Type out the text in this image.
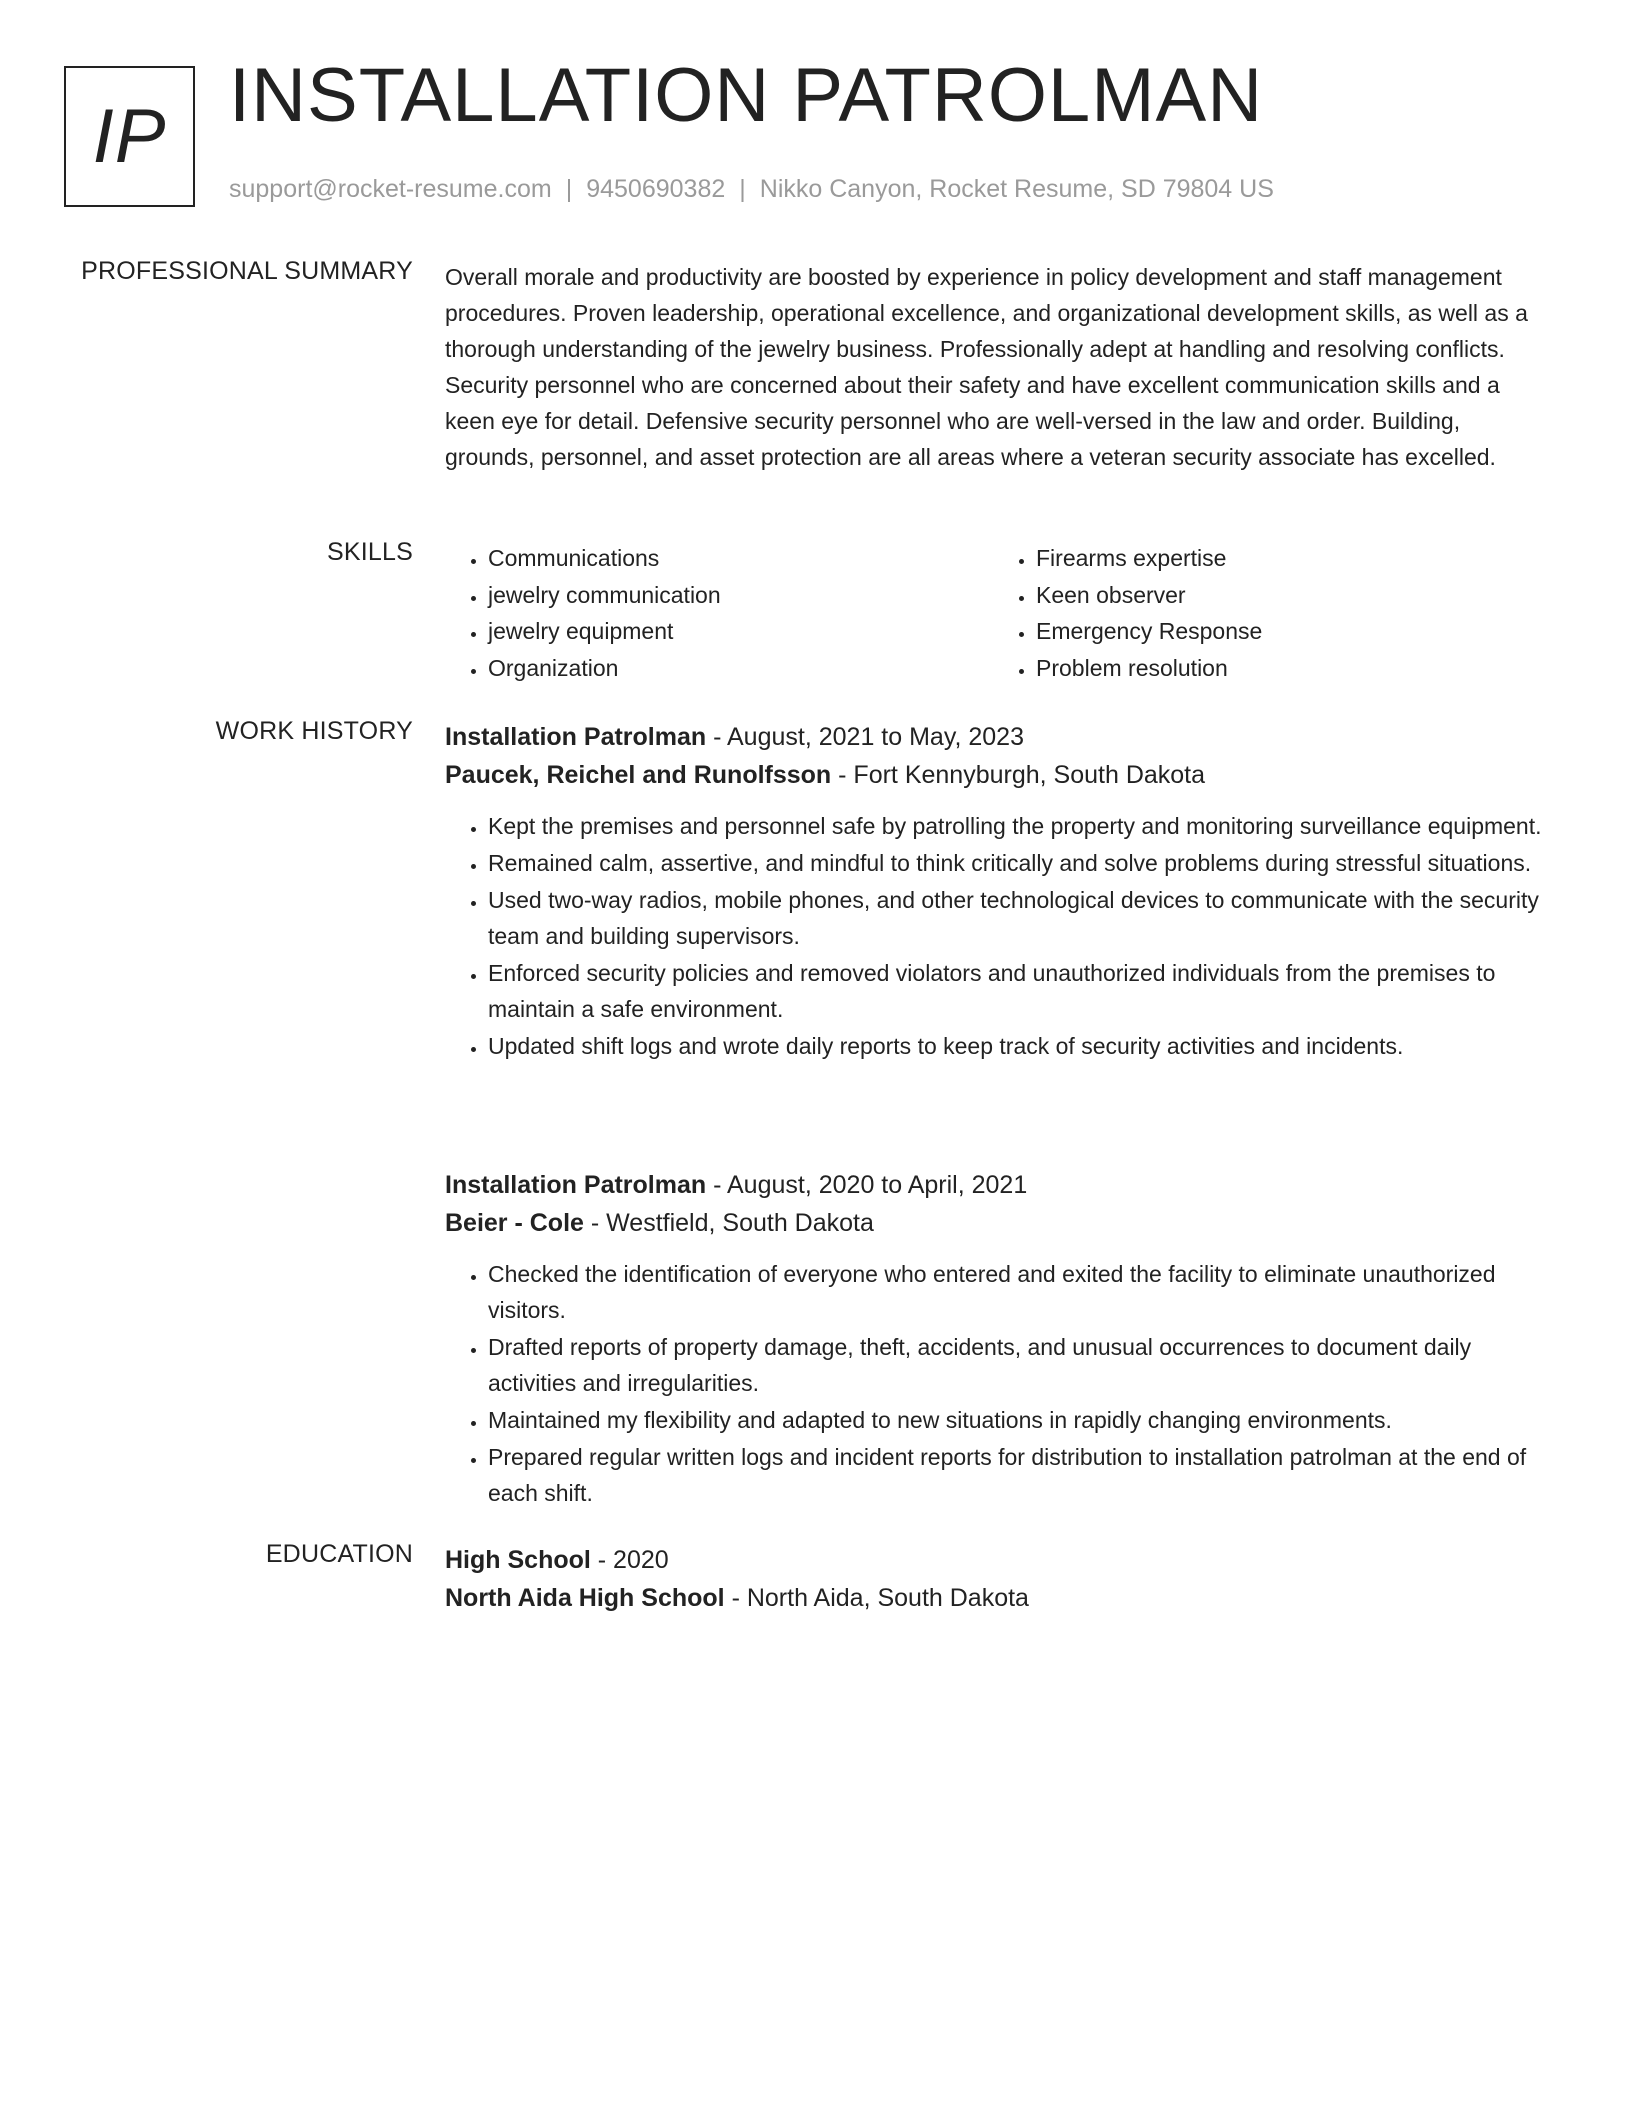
IP INSTALLATION PATROLMAN
support@rocket-resume.com | 9450690382 | Nikko Canyon, Rocket Resume, SD 79804 US
PROFESSIONAL SUMMARY Overall morale and productivity are boosted by experience in policy development and staff management procedures. Proven leadership, operational excellence, and organizational development skills, as well as a thorough understanding of the jewelry business. Professionally adept at handling and resolving conflicts. Security personnel who are concerned about their safety and have excellent communication skills and a keen eye for detail. Defensive security personnel who are well-versed in the law and order. Building, grounds, personnel, and asset protection are all areas where a veteran security associate has excelled.
SKILLS
•	Communications
• jewelry communication
• jewelry equipment
• Organization
• Firearms expertise
• Keen observer
• Emergency Response
• Problem resolution
WORK HISTORY Installation Patrolman - August, 2021 to May, 2023
Paucek, Reichel and Runolfsson - Fort Kennyburgh, South Dakota
• Kept the premises and personnel safe by patrolling the property and monitoring surveillance equipment.
• Remained calm, assertive, and mindful to think critically and solve problems during stressful situations.
• Used two-way radios, mobile phones, and other technological devices to communicate with the security team and building supervisors.
• Enforced security policies and removed violators and unauthorized individuals from the premises to maintain a safe environment.
• Updated shift logs and wrote daily reports to keep track of security activities and incidents.
Installation Patrolman - August, 2020 to April, 2021
Beier - Cole - Westfield, South Dakota
• Checked the identification of everyone who entered and exited the facility to eliminate unauthorized visitors.
• Drafted reports of property damage, theft, accidents, and unusual occurrences to document daily activities and irregularities.
• Maintained my flexibility and adapted to new situations in rapidly changing environments.
• Prepared regular written logs and incident reports for distribution to installation patrolman at the end of each shift.
EDUCATION High School - 2020
North Aida High School - North Aida, South Dakota
